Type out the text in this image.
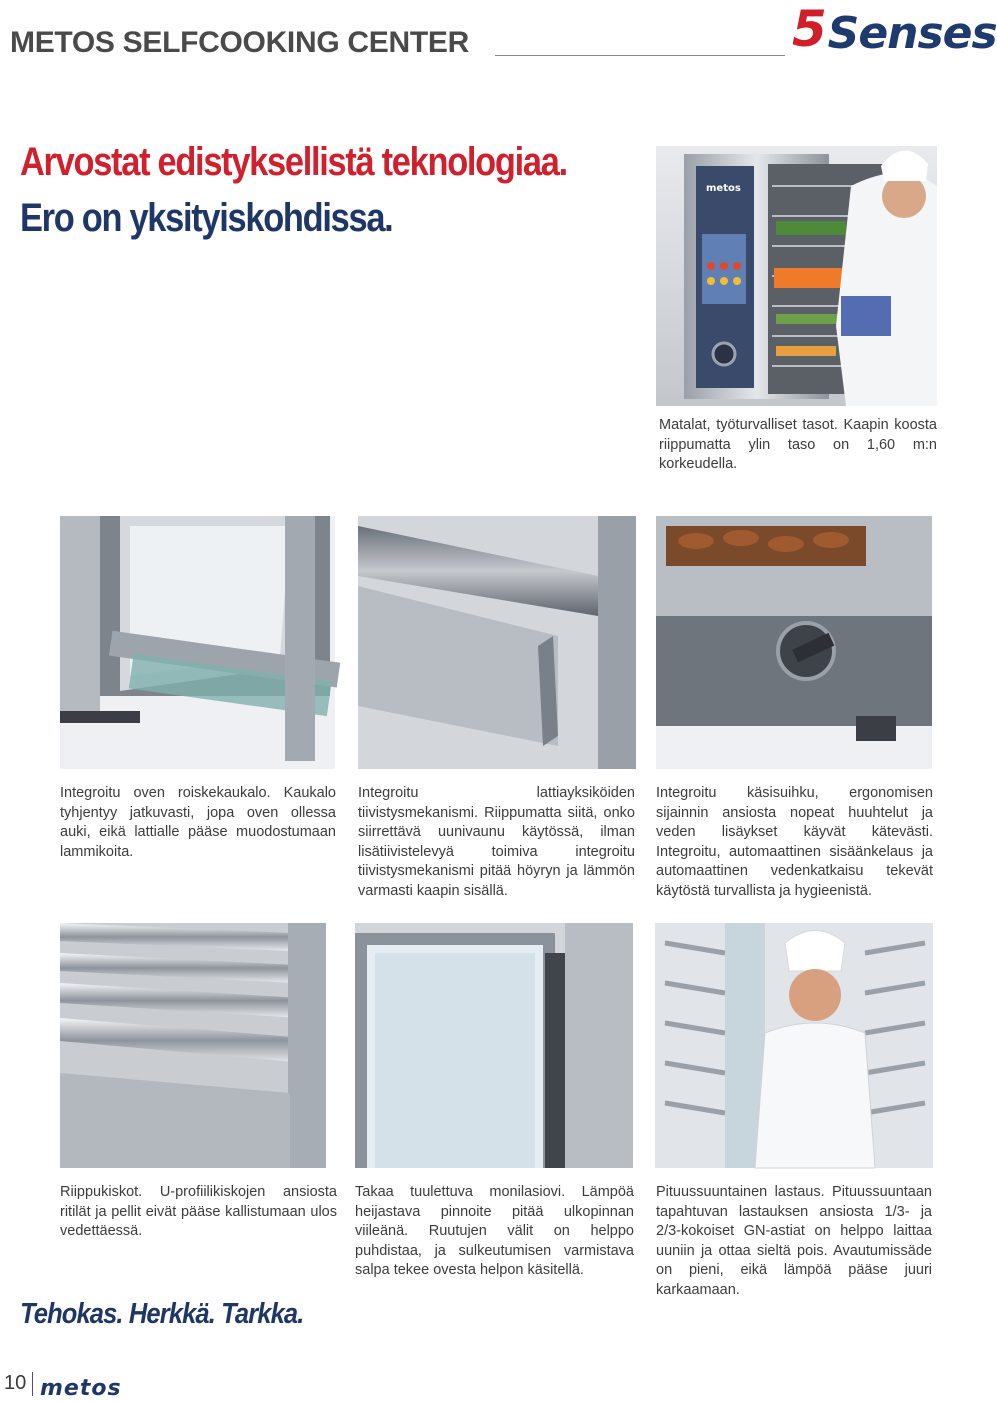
METOS SELFCOOKING CENTER	5 Senses
Arvostat edistyksellistä teknologiaa.
Ero on yksityiskohdissa.
metos
Matalat, työturvalliset tasot. Kaapin koosta riippumatta ylin taso on 1,60 m:n korkeudella.
Integroitu oven roiskekaukalo. Kaukalo tyhjentyy jatkuvasti, jopa oven ollessa auki, eikä lattialle pääse muodostumaan lammikoita.
Integroitu lattiayksiköiden tiivistysmekanismi. Riippumatta siitä, onko siirrettävä uunivaunu käytössä, ilman lisätiivistelevyä toimiva integroitu tiivistysmekanismi pitää höyryn ja lämmön varmasti kaapin sisällä.
Integroitu käsisuihku, ergonomisen sijainnin ansiosta nopeat huuhtelut ja veden lisäykset käyvät kätevästi. Integroitu, automaattinen sisäänkelaus ja automaattinen vedenkatkaisu tekevät käytöstä turvallista ja hygieenistä.
Riippukiskot. U-profiilikiskojen ansiosta ritilät ja pellit eivät pääse kallistumaan ulos vedettäessä.
Takaa tuulettuva monilasiovi. Lämpöä heijastava pinnoite pitää ulkopinnan viileänä. Ruutujen välit on helppo puhdistaa, ja sulkeutumisen varmistava salpa tekee ovesta helpon käsitellä.
Pituussuuntainen lastaus. Pituussuuntaan tapahtuvan lastauksen ansiosta 1/3- ja 2/3-kokoiset GN-astiat on helppo laittaa uuniin ja ottaa sieltä pois. Avautumissäde on pieni, eikä lämpöä pääse juuri karkaamaan.
Tehokas. Herkkä. Tarkka.
10 metos
